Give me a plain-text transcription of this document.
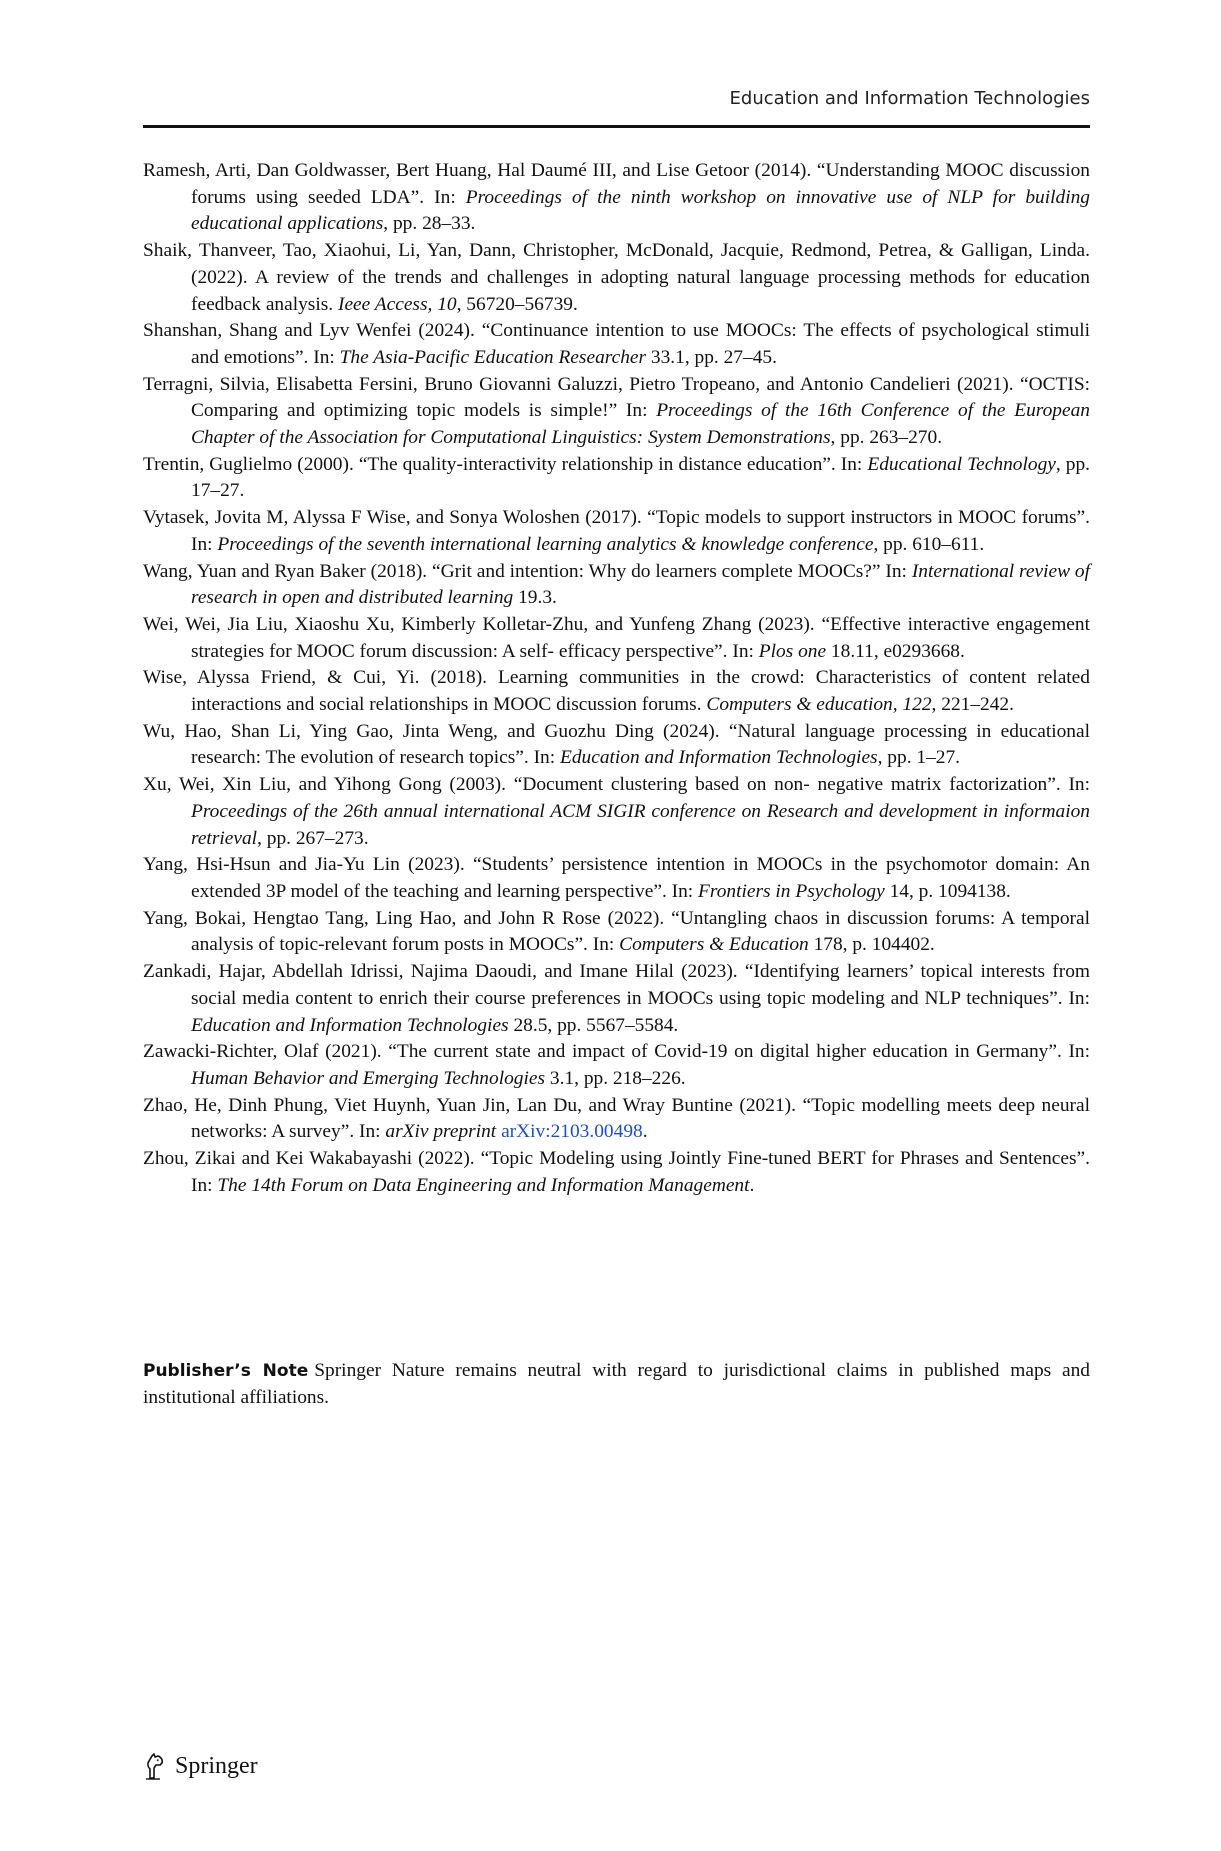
Education and Information Technologies

Ramesh, Arti, Dan Goldwasser, Bert Huang, Hal Daumé III, and Lise Getoor (2014). “Understanding MOOC discussion forums using seeded LDA”. In: Proceedings of the ninth workshop on innovative use of NLP for building educational applications, pp. 28–33.

Shaik, Thanveer, Tao, Xiaohui, Li, Yan, Dann, Christopher, McDonald, Jacquie, Redmond, Petrea, & Galligan, Linda. (2022). A review of the trends and challenges in adopting natural language processing methods for education feedback analysis. Ieee Access, 10, 56720–56739.

Shanshan, Shang and Lyv Wenfei (2024). “Continuance intention to use MOOCs: The effects of psychological stimuli and emotions”. In: The Asia-Pacific Education Researcher 33.1, pp. 27–45.

Terragni, Silvia, Elisabetta Fersini, Bruno Giovanni Galuzzi, Pietro Tropeano, and Antonio Candelieri (2021). “OCTIS: Comparing and optimizing topic models is simple!” In: Proceedings of the 16th Conference of the European Chapter of the Association for Computational Linguistics: System Demonstrations, pp. 263–270.

Trentin, Guglielmo (2000). “The quality-interactivity relationship in distance education”. In: Educational Technology, pp. 17–27.

Vytasek, Jovita M, Alyssa F Wise, and Sonya Woloshen (2017). “Topic models to support instructors in MOOC forums”. In: Proceedings of the seventh international learning analytics & knowledge conference, pp. 610–611.

Wang, Yuan and Ryan Baker (2018). “Grit and intention: Why do learners complete MOOCs?” In: International review of research in open and distributed learning 19.3.

Wei, Wei, Jia Liu, Xiaoshu Xu, Kimberly Kolletar-Zhu, and Yunfeng Zhang (2023). “Effective interactive engagement strategies for MOOC forum discussion: A self- efficacy perspective”. In: Plos one 18.11, e0293668.

Wise, Alyssa Friend, & Cui, Yi. (2018). Learning communities in the crowd: Characteristics of content related interactions and social relationships in MOOC discussion forums. Computers & education, 122, 221–242.

Wu, Hao, Shan Li, Ying Gao, Jinta Weng, and Guozhu Ding (2024). “Natural language processing in educational research: The evolution of research topics”. In: Education and Information Technologies, pp. 1–27.

Xu, Wei, Xin Liu, and Yihong Gong (2003). “Document clustering based on non- negative matrix factorization”. In: Proceedings of the 26th annual international ACM SIGIR conference on Research and development in informaion retrieval, pp. 267–273.

Yang, Hsi-Hsun and Jia-Yu Lin (2023). “Students’ persistence intention in MOOCs in the psychomotor domain: An extended 3P model of the teaching and learning perspective”. In: Frontiers in Psychology 14, p. 1094138.

Yang, Bokai, Hengtao Tang, Ling Hao, and John R Rose (2022). “Untangling chaos in discussion forums: A temporal analysis of topic-relevant forum posts in MOOCs”. In: Computers & Education 178, p. 104402.

Zankadi, Hajar, Abdellah Idrissi, Najima Daoudi, and Imane Hilal (2023). “Identifying learners’ topical interests from social media content to enrich their course preferences in MOOCs using topic modeling and NLP techniques”. In: Education and Information Technologies 28.5, pp. 5567–5584.

Zawacki-Richter, Olaf (2021). “The current state and impact of Covid-19 on digital higher education in Germany”. In: Human Behavior and Emerging Technologies 3.1, pp. 218–226.

Zhao, He, Dinh Phung, Viet Huynh, Yuan Jin, Lan Du, and Wray Buntine (2021). “Topic modelling meets deep neural networks: A survey”. In: arXiv preprint arXiv:2103.00498.

Zhou, Zikai and Kei Wakabayashi (2022). “Topic Modeling using Jointly Fine-tuned BERT for Phrases and Sentences”. In: The 14th Forum on Data Engineering and Information Management.

Publisher’s Note Springer Nature remains neutral with regard to jurisdictional claims in published maps and institutional affiliations.
Springer
